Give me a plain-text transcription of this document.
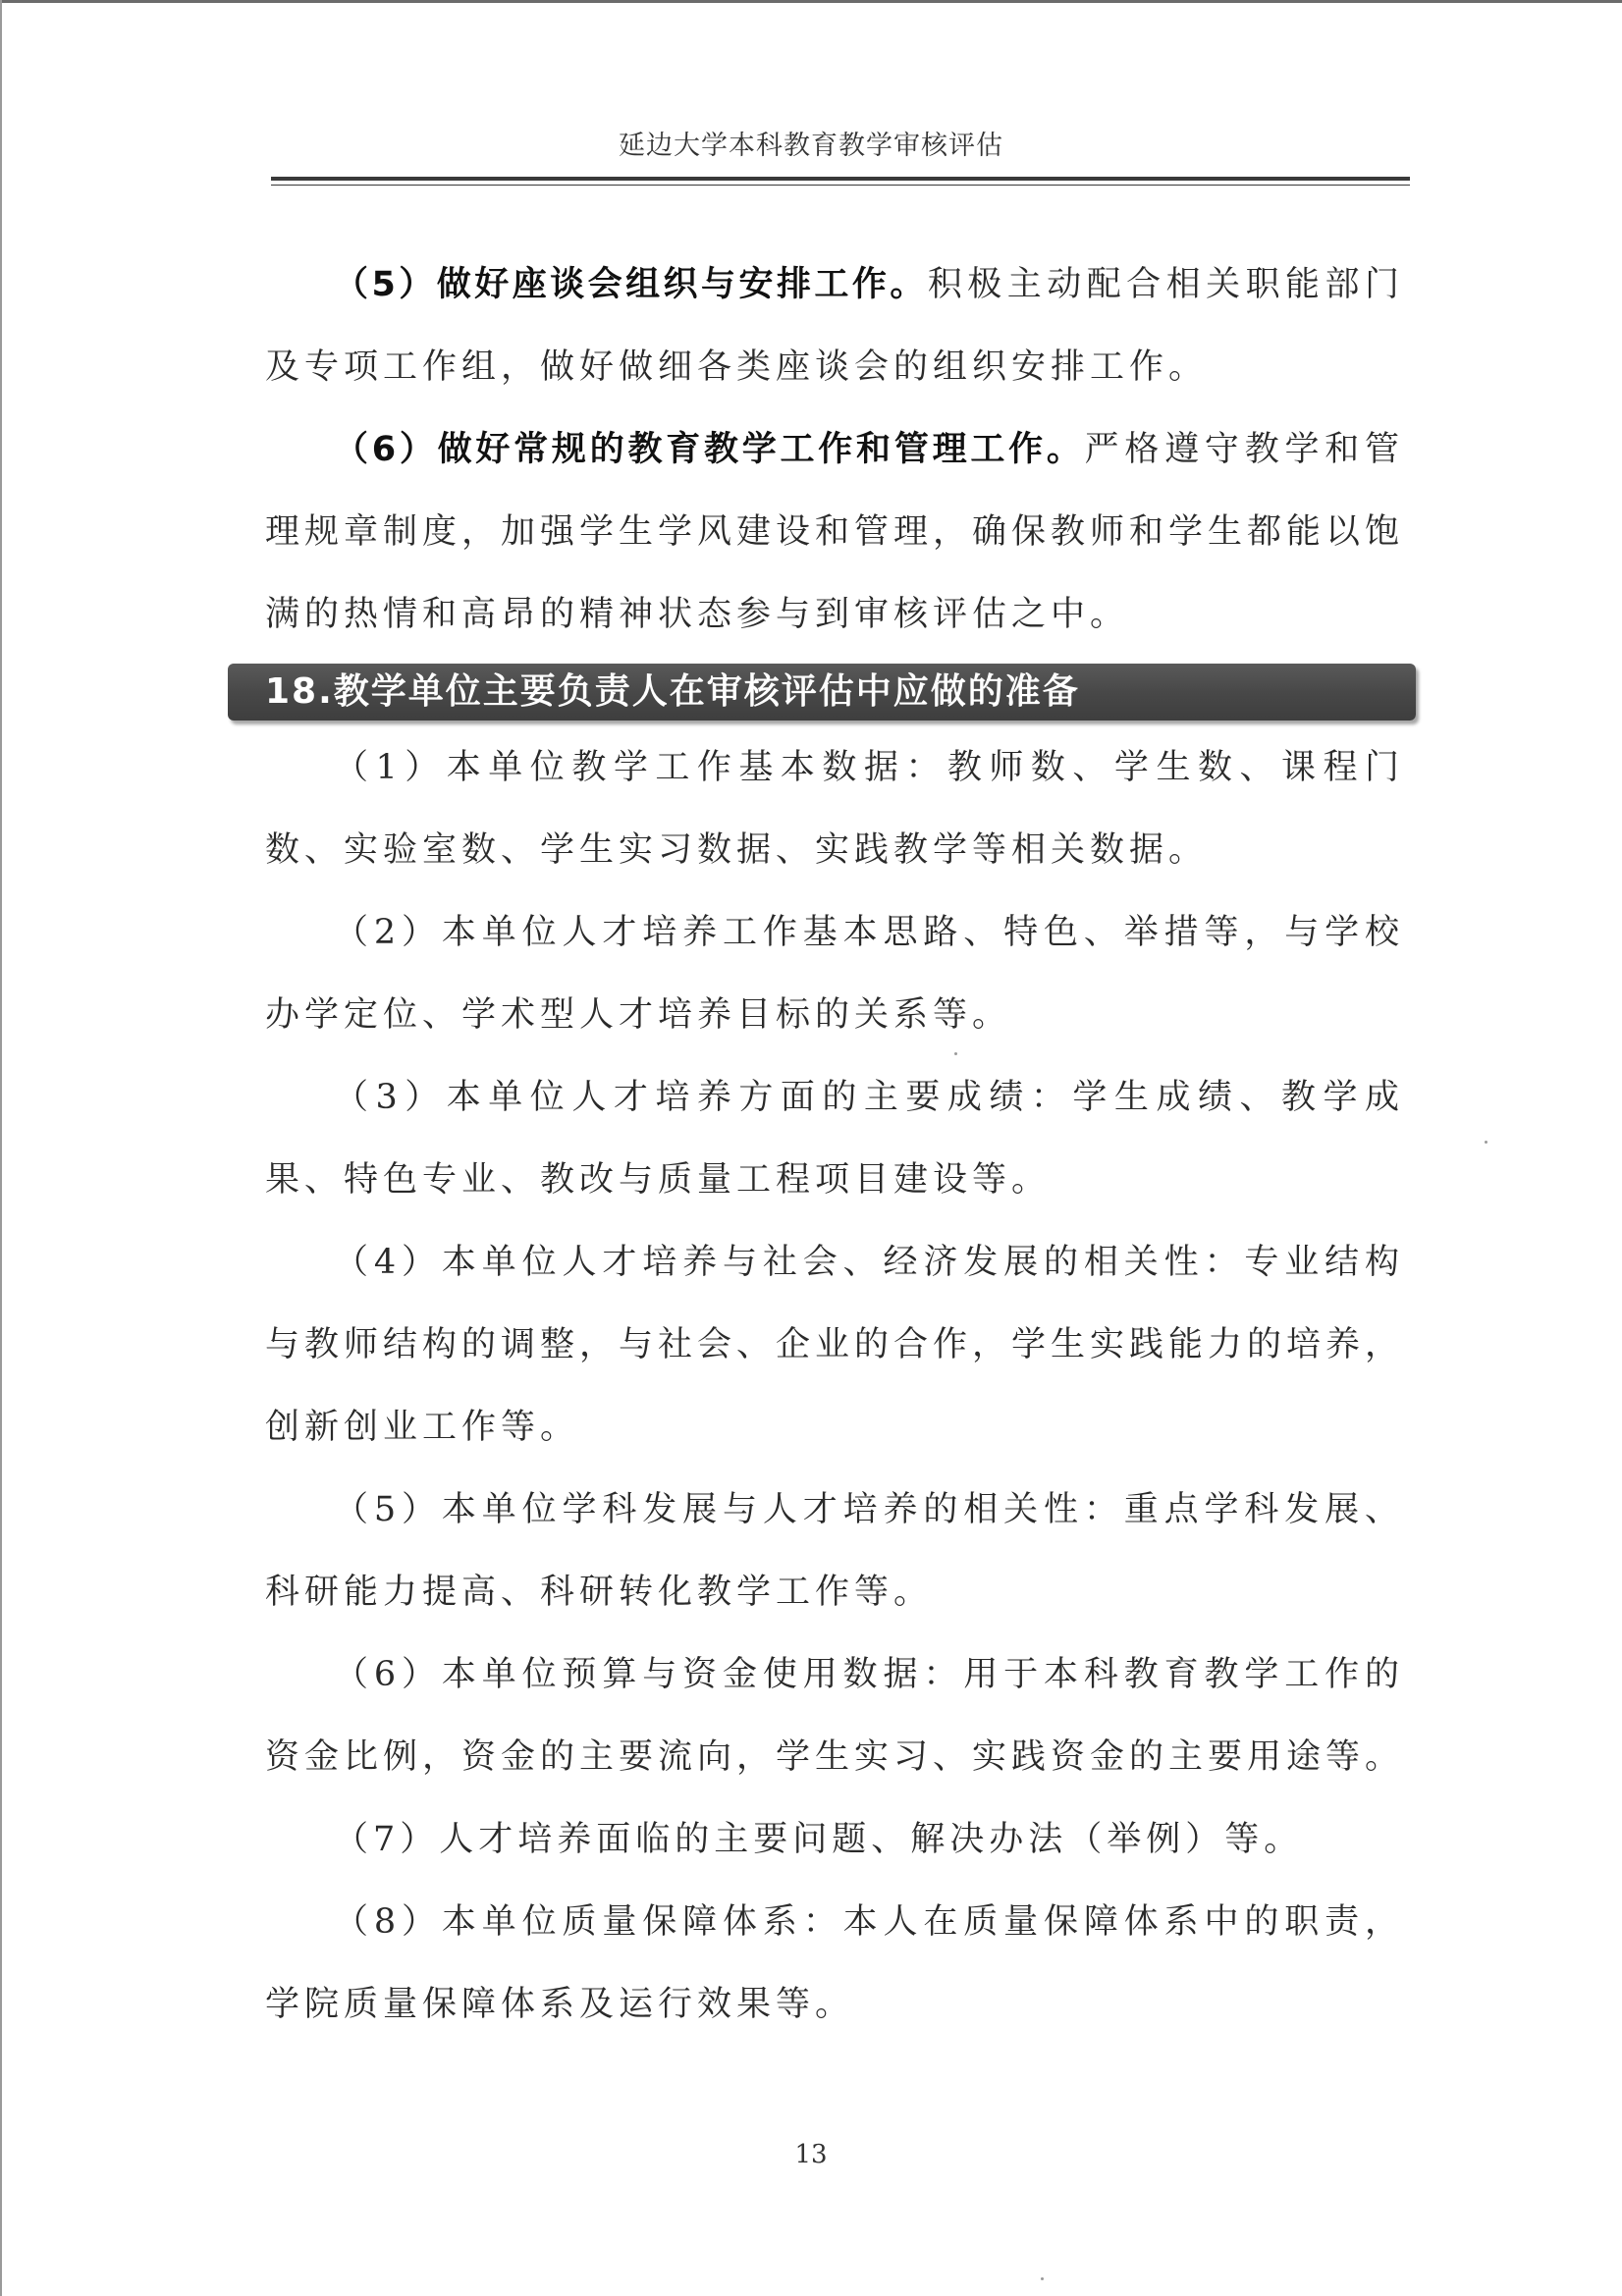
延边大学本科教育教学审核评估

（5）做好座谈会组织与安排工作。积极主动配合相关职能部门及专项工作组，做好做细各类座谈会的组织安排工作。

（6）做好常规的教育教学工作和管理工作。严格遵守教学和管理规章制度，加强学生学风建设和管理，确保教师和学生都能以饱满的热情和高昂的精神状态参与到审核评估之中。

18.教学单位主要负责人在审核评估中应做的准备

（1）本单位教学工作基本数据：教师数、学生数、课程门数、实验室数、学生实习数据、实践教学等相关数据。

（2）本单位人才培养工作基本思路、特色、举措等，与学校办学定位、学术型人才培养目标的关系等。

（3）本单位人才培养方面的主要成绩：学生成绩、教学成果、特色专业、教改与质量工程项目建设等。

（4）本单位人才培养与社会、经济发展的相关性：专业结构与教师结构的调整，与社会、企业的合作，学生实践能力的培养，创新创业工作等。

（5）本单位学科发展与人才培养的相关性：重点学科发展、科研能力提高、科研转化教学工作等。

（6）本单位预算与资金使用数据：用于本科教育教学工作的资金比例，资金的主要流向，学生实习、实践资金的主要用途等。

（7）人才培养面临的主要问题、解决办法（举例）等。

（8）本单位质量保障体系：本人在质量保障体系中的职责，学院质量保障体系及运行效果等。

13
